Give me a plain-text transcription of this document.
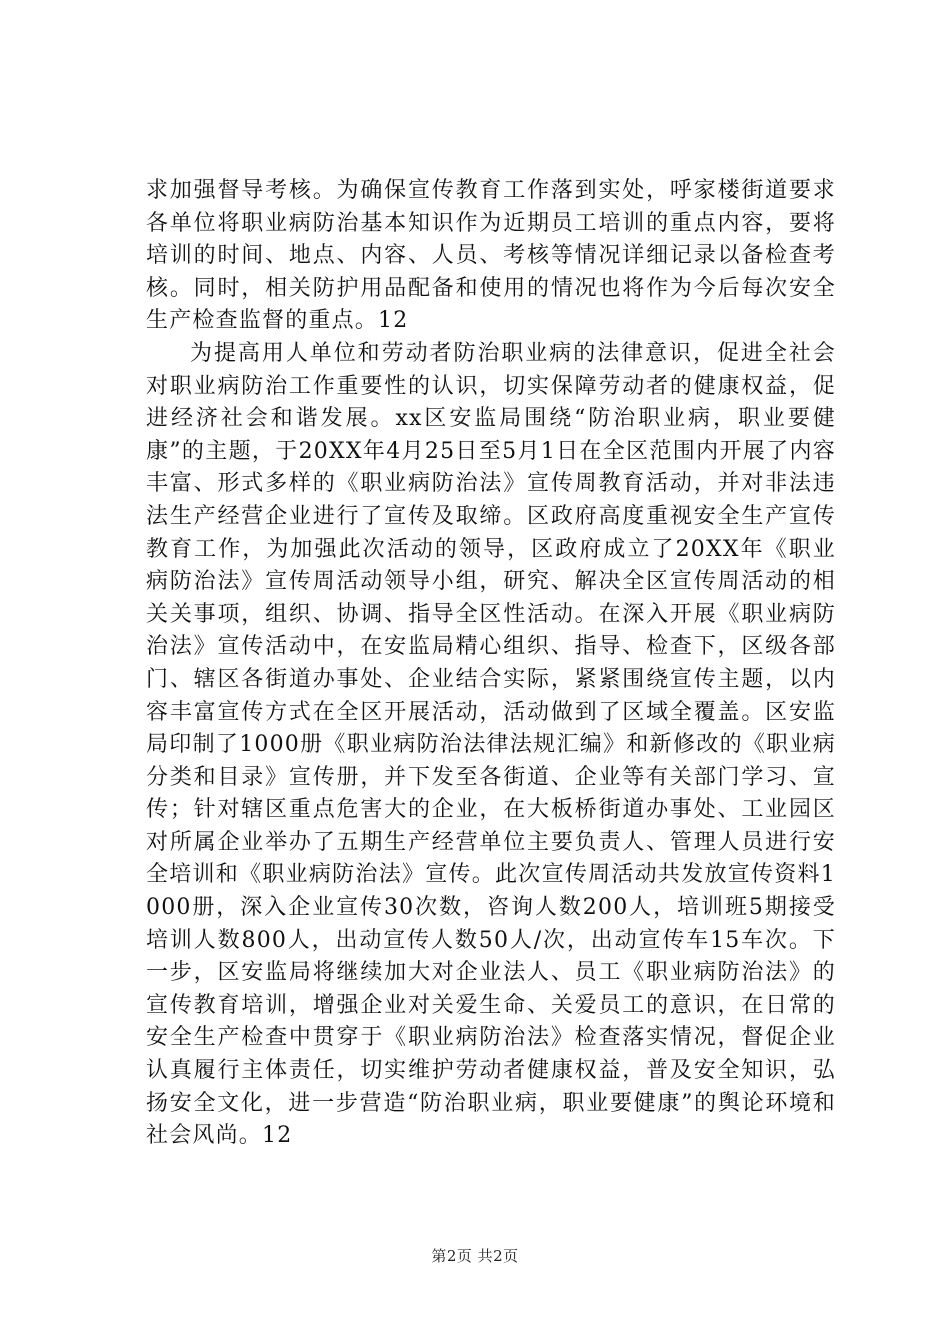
求加强督导考核。为确保宣传教育工作落到实处，呼家楼街道要求各单位将职业病防治基本知识作为近期员工培训的重点内容，要将培训的时间、地点、内容、人员、考核等情况详细记录以备检查考核。同时，相关防护用品配备和使用的情况也将作为今后每次安全生产检查监督的重点。12

为提高用人单位和劳动者防治职业病的法律意识，促进全社会对职业病防治工作重要性的认识，切实保障劳动者的健康权益，促进经济社会和谐发展。xx区安监局围绕“防治职业病，职业要健康”的主题，于20XX年4月25日至5月1日在全区范围内开展了内容丰富、形式多样的《职业病防治法》宣传周教育活动，并对非法违法生产经营企业进行了宣传及取缔。区政府高度重视安全生产宣传教育工作，为加强此次活动的领导，区政府成立了20XX年《职业病防治法》宣传周活动领导小组，研究、解决全区宣传周活动的相关关事项，组织、协调、指导全区性活动。在深入开展《职业病防治法》宣传活动中，在安监局精心组织、指导、检查下，区级各部门、辖区各街道办事处、企业结合实际，紧紧围绕宣传主题，以内容丰富宣传方式在全区开展活动，活动做到了区域全覆盖。区安监局印制了1000册《职业病防治法律法规汇编》和新修改的《职业病分类和目录》宣传册，并下发至各街道、企业等有关部门学习、宣传；针对辖区重点危害大的企业，在大板桥街道办事处、工业园区对所属企业举办了五期生产经营单位主要负责人、管理人员进行安全培训和《职业病防治法》宣传。此次宣传周活动共发放宣传资料1000册，深入企业宣传30次数，咨询人数200人，培训班5期接受培训人数800人，出动宣传人数50人/次，出动宣传车15车次。下一步，区安监局将继续加大对企业法人、员工《职业病防治法》的宣传教育培训，增强企业对关爱生命、关爱员工的意识，在日常的安全生产检查中贯穿于《职业病防治法》检查落实情况，督促企业认真履行主体责任，切实维护劳动者健康权益，普及安全知识，弘扬安全文化，进一步营造“防治职业病，职业要健康”的舆论环境和社会风尚。12

第2页 共2页
